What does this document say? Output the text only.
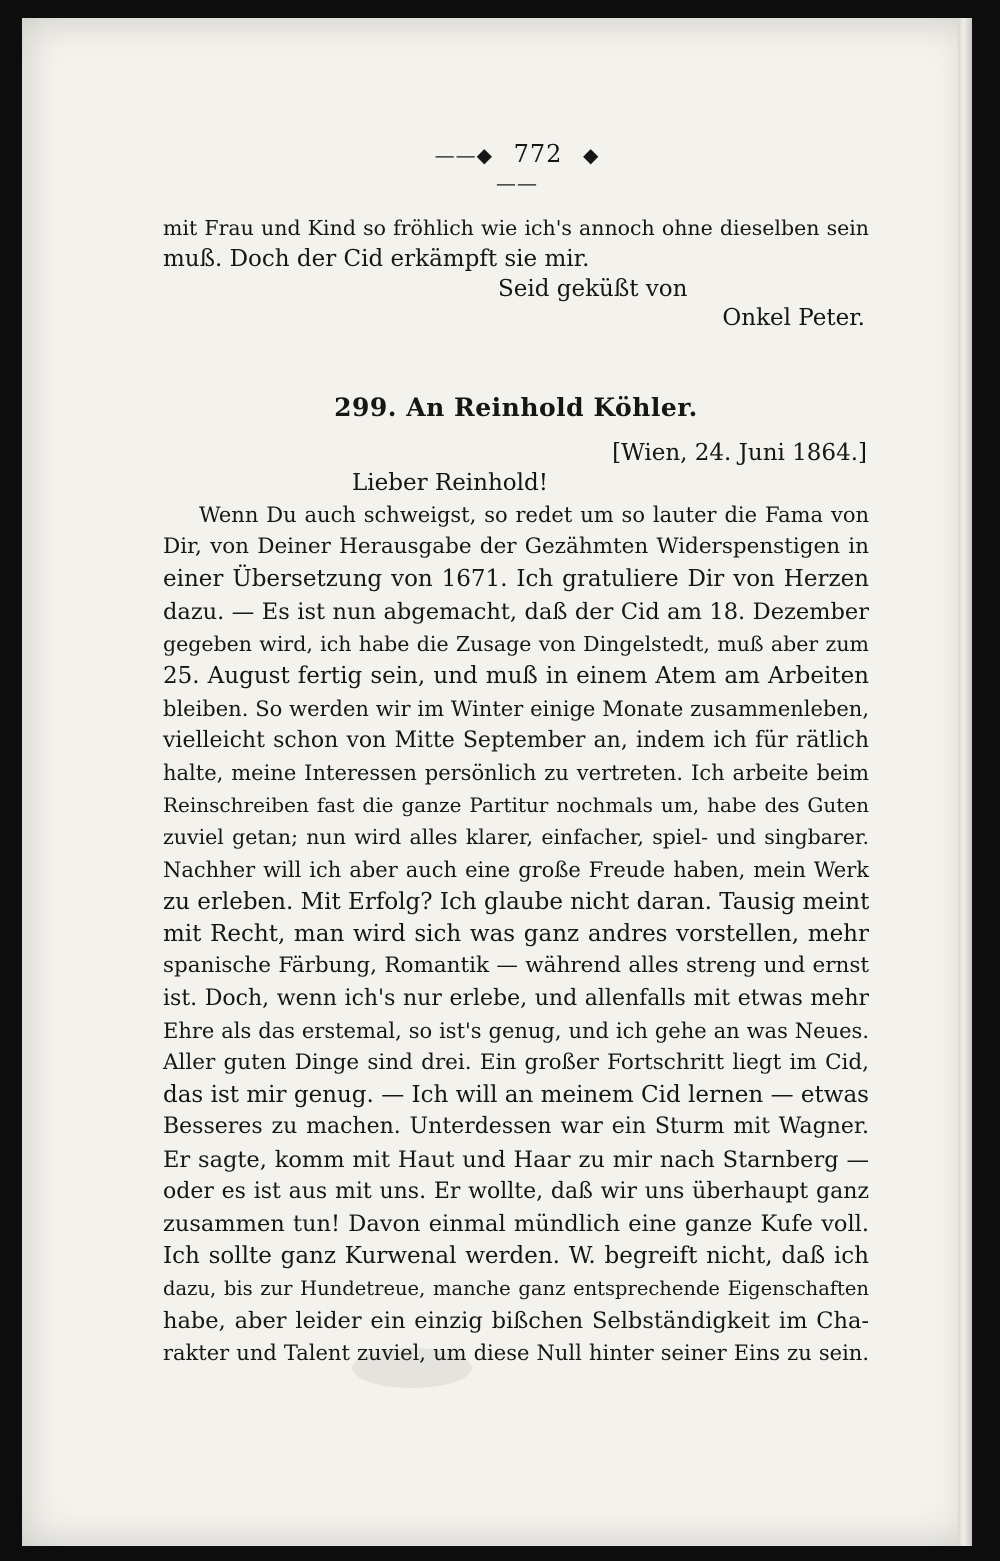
——◆ 772 ◆——
mit Frau und Kind so fröhlich wie ich's annoch ohne dieselben sein
muß. Doch der Cid erkämpft sie mir.
Seid geküßt von
Onkel Peter.
299. An Reinhold Köhler.
[Wien, 24. Juni 1864.]
Lieber Reinhold!
Wenn Du auch schweigst, so redet um so lauter die Fama von
Dir, von Deiner Herausgabe der Gezähmten Widerspenstigen in
einer Übersetzung von 1671. Ich gratuliere Dir von Herzen
dazu. — Es ist nun abgemacht, daß der Cid am 18. Dezember
gegeben wird, ich habe die Zusage von Dingelstedt, muß aber zum
25. August fertig sein, und muß in einem Atem am Arbeiten
bleiben. So werden wir im Winter einige Monate zusammenleben,
vielleicht schon von Mitte September an, indem ich für rätlich
halte, meine Interessen persönlich zu vertreten. Ich arbeite beim
Reinschreiben fast die ganze Partitur nochmals um, habe des Guten
zuviel getan; nun wird alles klarer, einfacher, spiel- und singbarer.
Nachher will ich aber auch eine große Freude haben, mein Werk
zu erleben. Mit Erfolg? Ich glaube nicht daran. Tausig meint
mit Recht, man wird sich was ganz andres vorstellen, mehr
spanische Färbung, Romantik — während alles streng und ernst
ist. Doch, wenn ich's nur erlebe, und allenfalls mit etwas mehr
Ehre als das erstemal, so ist's genug, und ich gehe an was Neues.
Aller guten Dinge sind drei. Ein großer Fortschritt liegt im Cid,
das ist mir genug. — Ich will an meinem Cid lernen — etwas
Besseres zu machen. Unterdessen war ein Sturm mit Wagner.
Er sagte, komm mit Haut und Haar zu mir nach Starnberg —
oder es ist aus mit uns. Er wollte, daß wir uns überhaupt ganz
zusammen tun! Davon einmal mündlich eine ganze Kufe voll.
Ich sollte ganz Kurwenal werden. W. begreift nicht, daß ich
dazu, bis zur Hundetreue, manche ganz entsprechende Eigenschaften
habe, aber leider ein einzig bißchen Selbständigkeit im Cha-
rakter und Talent zuviel, um diese Null hinter seiner Eins zu sein.
